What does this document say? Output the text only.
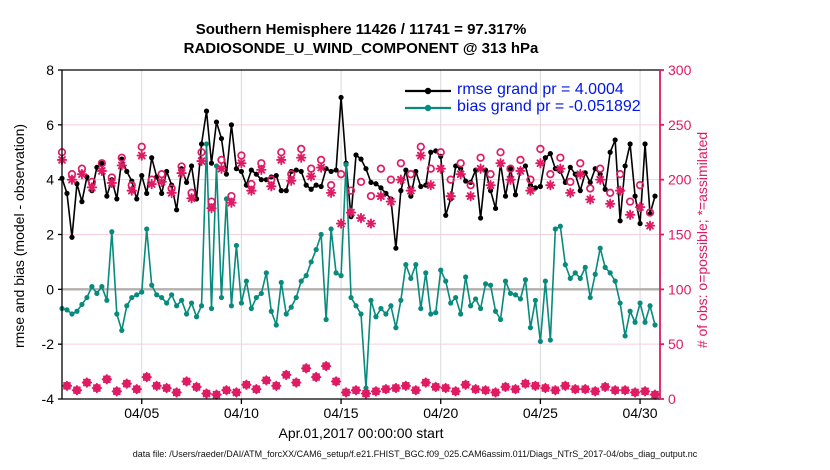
04/05	04/10	04/15	04/20	04/25	04/30
8
6
4
2
0
-2
-4
300
250
200
150
100
50
0
Southern Hemisphere 11426 / 11741 = 97.317%
RADIOSONDE_U_WIND_COMPONENT @ 313 hPa
rmse grand pr = 4.0004
bias grand pr = -0.051892
rmse and bias (model - observation)	# of obs: o=possible; *=assimilated
Apr.01,2017 00:00:00 start
data file: /Users/raeder/DAI/ATM_forcXX/CAM6_setup/f.e21.FHIST_BGC.f09_025.CAM6assim.011/Diags_NTrS_2017-04/obs_diag_output.nc
